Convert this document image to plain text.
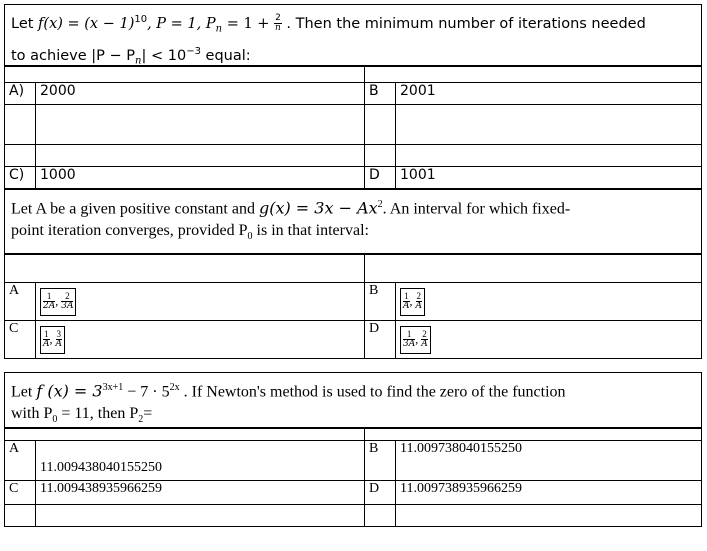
Let $f(x) = (x - 1)^{10}$, P = 1, $P_n = 1 + \frac{2}{n}$ . Then the minimum number of iterations needed
to achieve $|P - P_n| < 10^{-3}$ equal:

A)	2000	B	2001

C)	1000	D	1001
Let A be a given positive constant and $g(x) = 3x - Ax^2$. An interval for which fixed-
point iteration converges, provided $P_0$ is in that interval:

A	$\frac{1}{2A}$ , $\frac{2}{3A}$	B	$\frac{1}{A}$ , $\frac{2}{A}$

C	$\frac{1}{A}$ , $\frac{3}{A}$	D	$\frac{1}{3A}$ , $\frac{2}{A}$
Let f $(x) = 3^{3x+1} - 7 \cdot 5^{2x}$ . If Newton's method is used to find the zero of the function
with $P_0 = 11$, then $P_2=$

A	11.009438040155250	B	11.009738040155250
C	11.009438935966259	D	11.009738935966259
